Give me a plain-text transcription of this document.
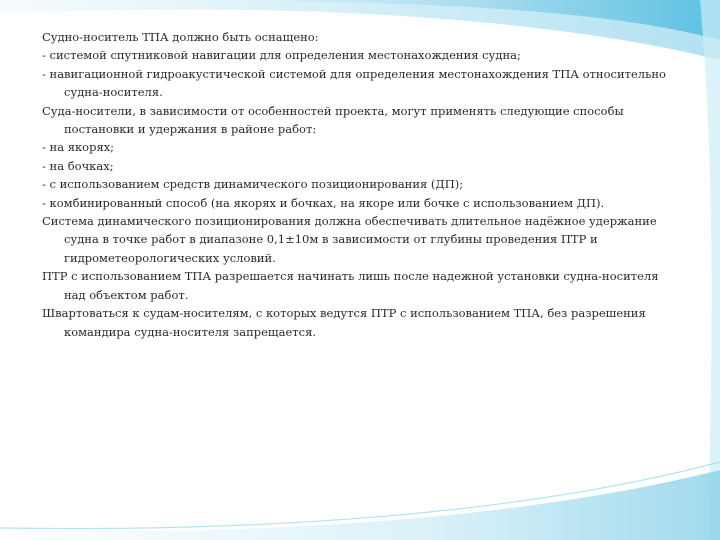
Судно-носитель ТПА должно быть оснащено:

- системой спутниковой навигации для определения местонахождения судна;

- навигационной гидроакустической системой для определения местонахождения ТПА относительно судна-носителя.

Суда-носители, в зависимости от особенностей проекта, могут применять следующие способы постановки и удержания в районе работ:

- на якорях;

- на бочках;

- с использованием средств динамического позиционирования (ДП);

- комбинированный способ (на якорях и бочках, на якоре или бочке с использованием ДП).

Система динамического позиционирования должна обеспечивать длительное надёжное удержание судна в точке работ в диапазоне 0,1±10м в зависимости от глубины проведения ПТР и гидрометеорологических условий.

ПТР с использованием ТПА разрешается начинать лишь после надежной установки судна-носителя над объектом работ.

Швартоваться к судам-носителям, с которых ведутся ПТР с использованием ТПА, без разрешения командира судна-носителя запрещается.
